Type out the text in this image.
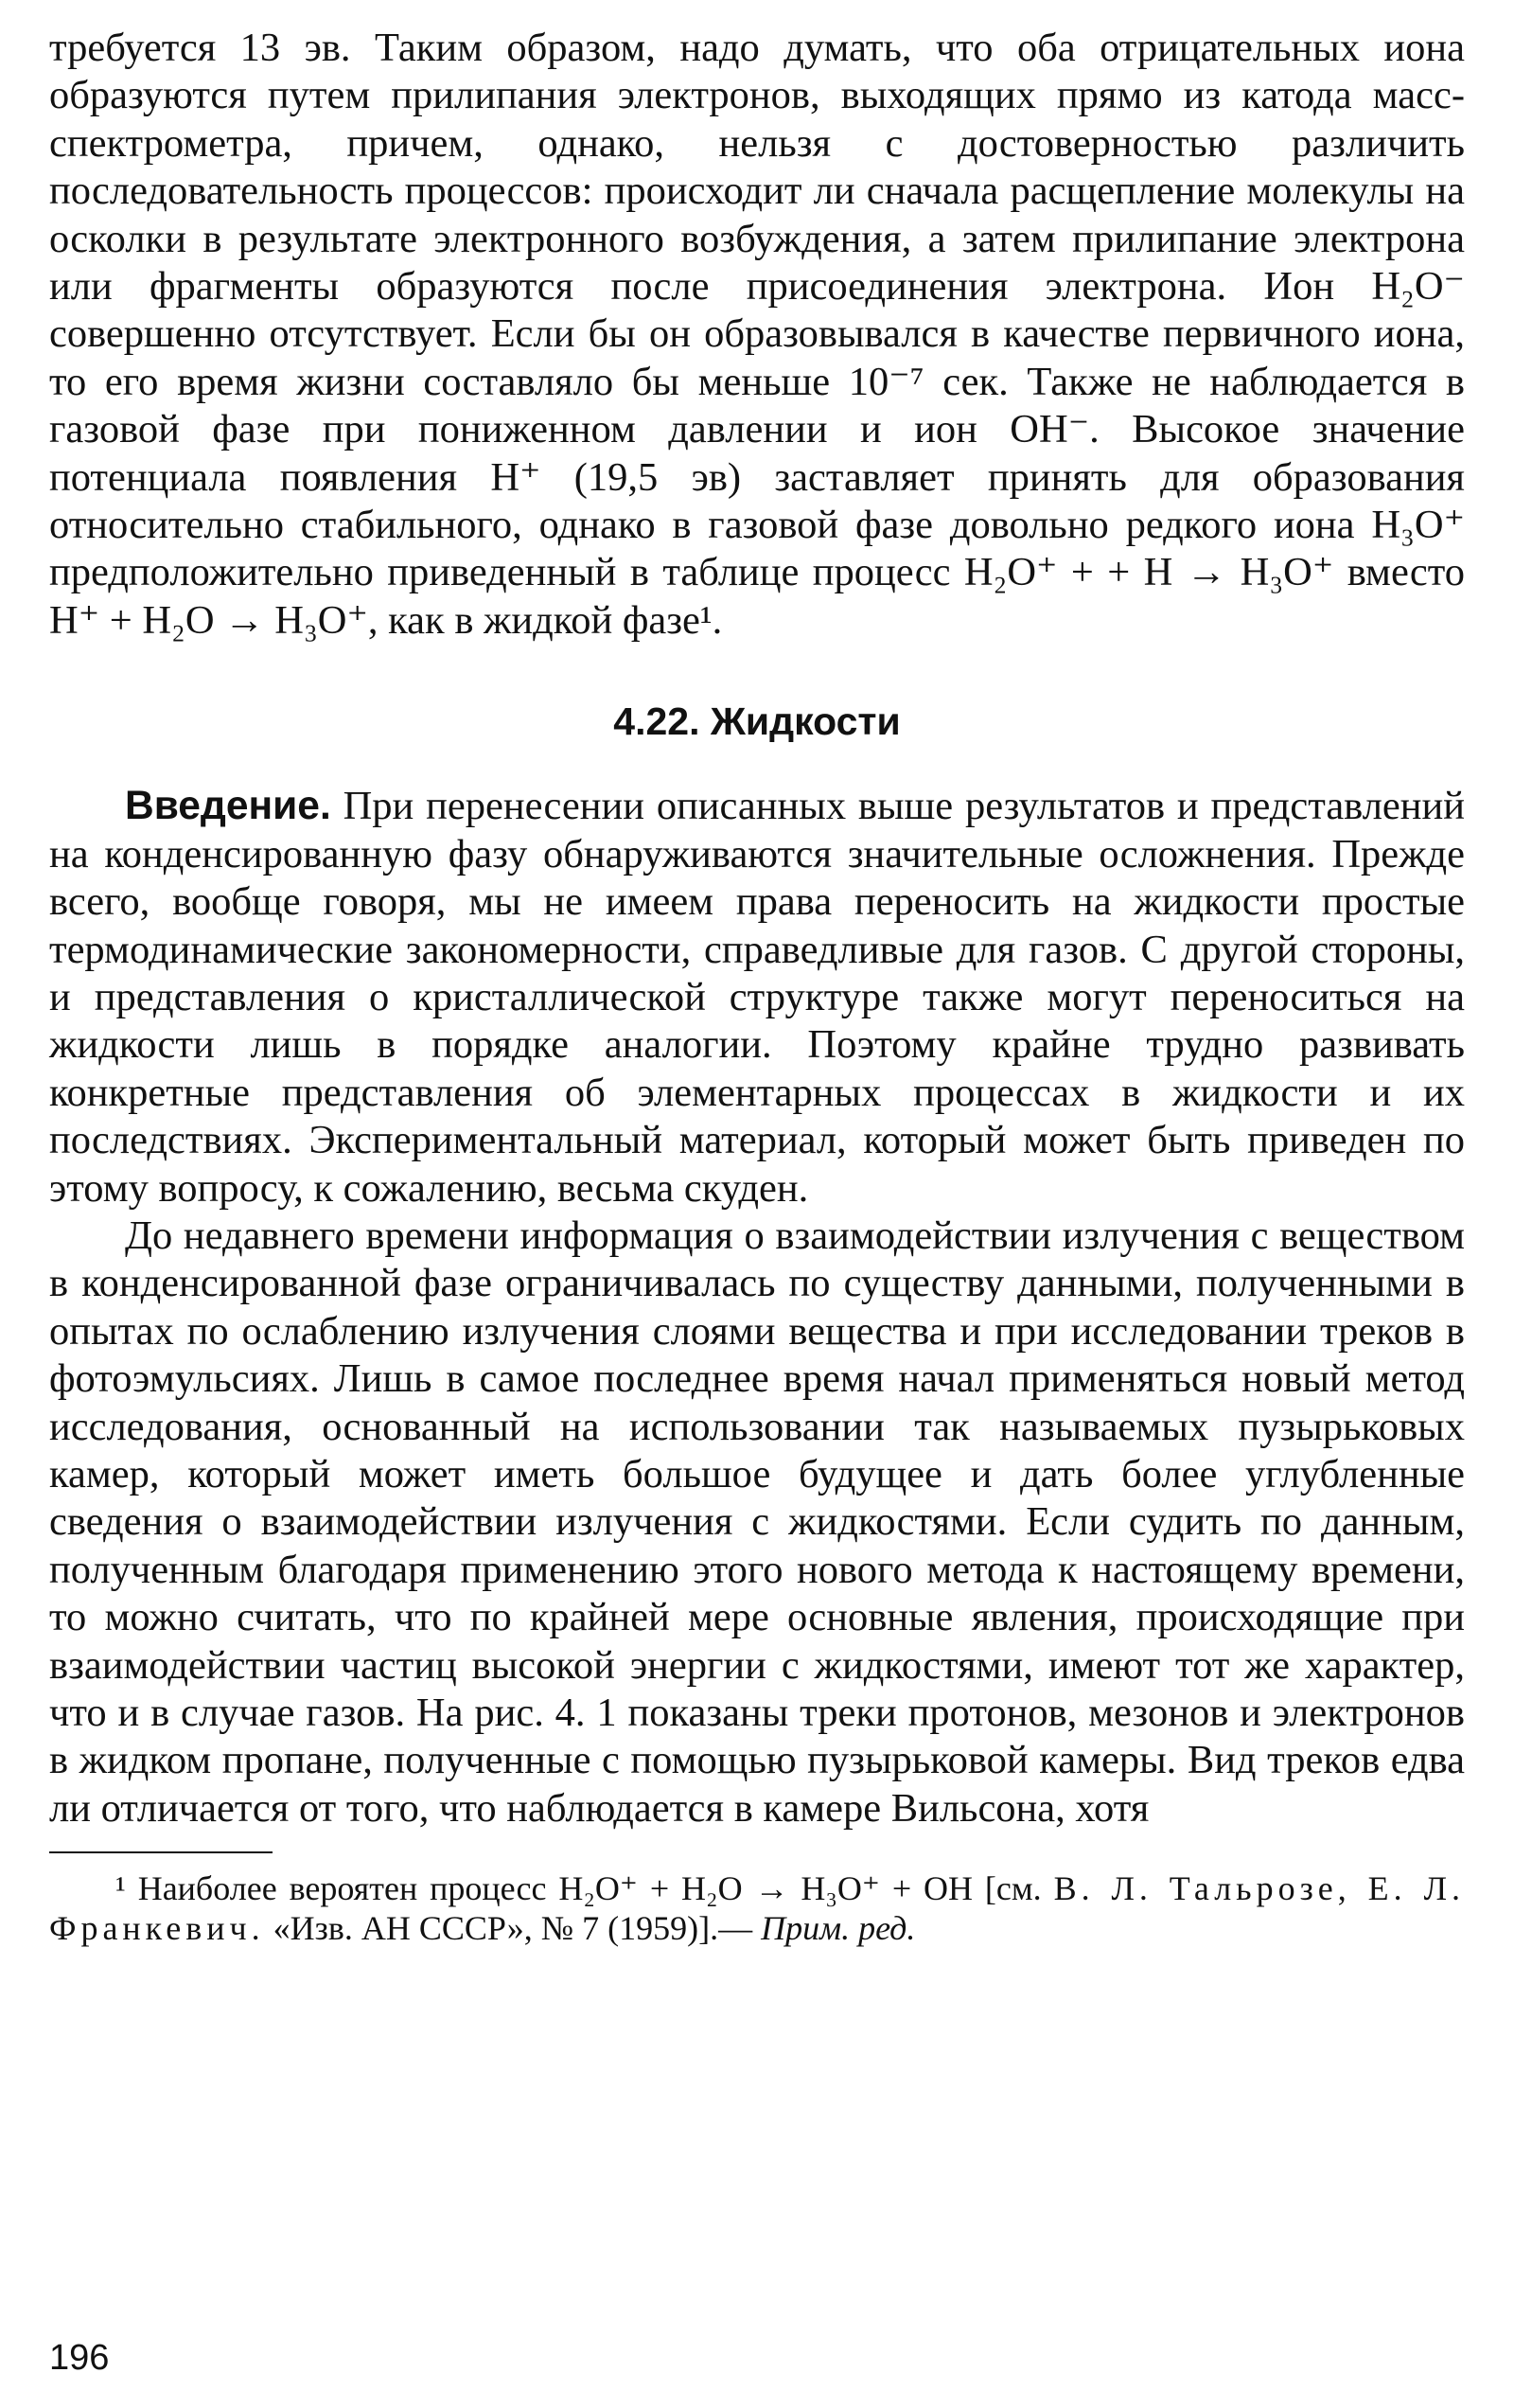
требуется 13 эв. Таким образом, надо думать, что оба отрицательных иона образуются путем прилипания электронов, выходящих прямо из катода масс-спектрометра, причем, однако, нельзя с достоверностью различить последовательность процессов: происходит ли сначала расщепление молекулы на осколки в результате электронного возбуждения, а затем прилипание электрона или фрагменты образуются после присоединения электрона. Ион H₂O⁻ совершенно отсутствует. Если бы он образовывался в качестве первичного иона, то его время жизни составляло бы меньше 10⁻⁷ сек. Также не наблюдается в газовой фазе при пониженном давлении и ион OH⁻. Высокое значение потенциала появления H⁺ (19,5 эв) заставляет принять для образования относительно стабильного, однако в газовой фазе довольно редкого иона H₃O⁺ предположительно приведенный в таблице процесс H₂O⁺ + + H → H₃O⁺ вместо H⁺ + H₂O → H₃O⁺, как в жидкой фазе¹.

4.22. Жидкости

Введение. При перенесении описанных выше результатов и представлений на конденсированную фазу обнаруживаются значительные осложнения. Прежде всего, вообще говоря, мы не имеем права переносить на жидкости простые термодинамические закономерности, справедливые для газов. С другой стороны, и представления о кристаллической структуре также могут переноситься на жидкости лишь в порядке аналогии. Поэтому крайне трудно развивать конкретные представления об элементарных процессах в жидкости и их последствиях. Экспериментальный материал, который может быть приведен по этому вопросу, к сожалению, весьма скуден.

До недавнего времени информация о взаимодействии излучения с веществом в конденсированной фазе ограничивалась по существу данными, полученными в опытах по ослаблению излучения слоями вещества и при исследовании треков в фотоэмульсиях. Лишь в самое последнее время начал применяться новый метод исследования, основанный на использовании так называемых пузырьковых камер, который может иметь большое будущее и дать более углубленные сведения о взаимодействии излучения с жидкостями. Если судить по данным, полученным благодаря применению этого нового метода к настоящему времени, то можно считать, что по крайней мере основные явления, происходящие при взаимодействии частиц высокой энергии с жидкостями, имеют тот же характер, что и в случае газов. На рис. 4. 1 показаны треки протонов, мезонов и электронов в жидком пропане, полученные с помощью пузырьковой камеры. Вид треков едва ли отличается от того, что наблюдается в камере Вильсона, хотя

¹ Наиболее вероятен процесс H₂O⁺ + H₂O → H₃O⁺ + OH [см. В. Л. Тальрозе, Е. Л. Франкевич. «Изв. АН СССР», № 7 (1959)].— Прим. ред.

196
